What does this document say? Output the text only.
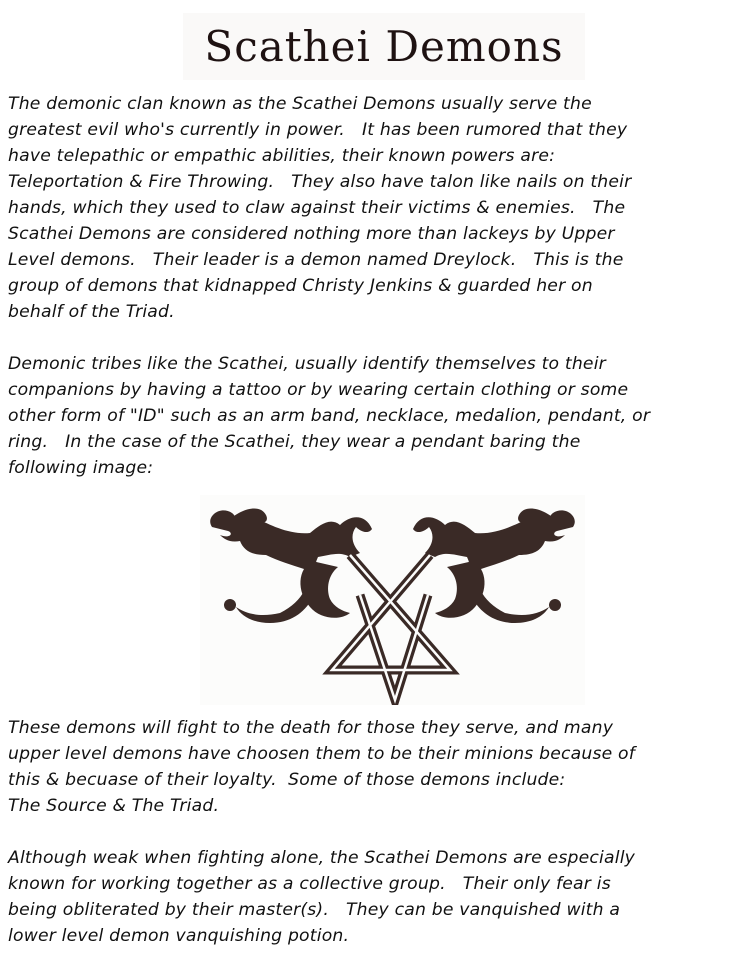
Scathei Demons
The demonic clan known as the Scathei Demons usually serve the
greatest evil who's currently in power.   It has been rumored that they
have telepathic or empathic abilities, their known powers are:
Teleportation & Fire Throwing.   They also have talon like nails on their
hands, which they used to claw against their victims & enemies.   The
Scathei Demons are considered nothing more than lackeys by Upper
Level demons.   Their leader is a demon named Dreylock.   This is the
group of demons that kidnapped Christy Jenkins & guarded her on
behalf of the Triad.
Demonic tribes like the Scathei, usually identify themselves to their
companions by having a tattoo or by wearing certain clothing or some
other form of "ID" such as an arm band, necklace, medalion, pendant, or
ring.   In the case of the Scathei, they wear a pendant baring the
following image:
These demons will fight to the death for those they serve, and many
upper level demons have choosen them to be their minions because of
this & becuase of their loyalty.  Some of those demons include:
The Source & The Triad.
Although weak when fighting alone, the Scathei Demons are especially
known for working together as a collective group.   Their only fear is
being obliterated by their master(s).   They can be vanquished with a
lower level demon vanquishing potion.
